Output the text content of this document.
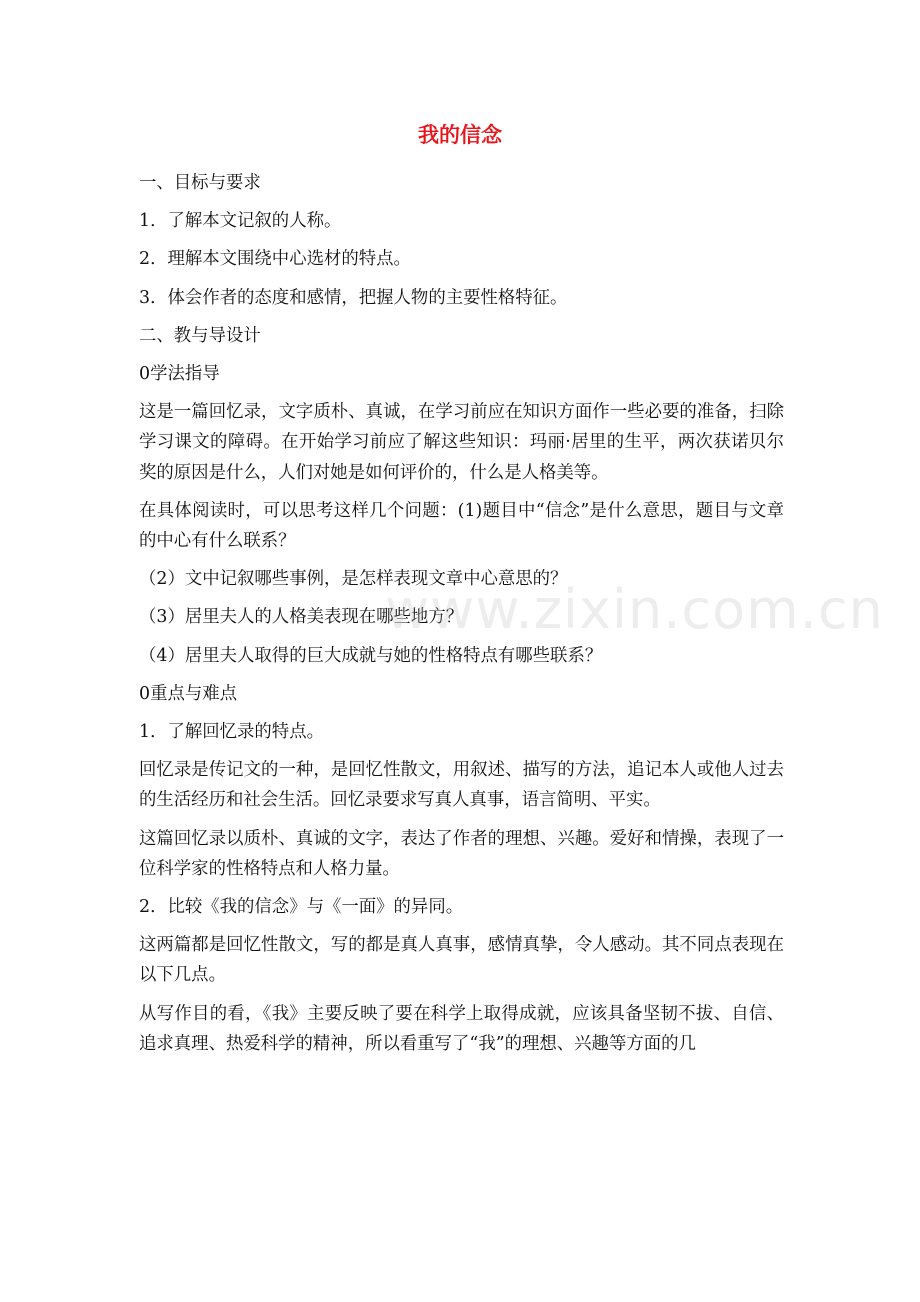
我的信念

一、目标与要求

1．了解本文记叙的人称。

2．理解本文围绕中心选材的特点。

3．体会作者的态度和感情，把握人物的主要性格特征。

二、教与导设计

0学法指导

这是一篇回忆录，文字质朴、真诚，在学习前应在知识方面作一些必要的准备，扫除学习课文的障碍。在开始学习前应了解这些知识：玛丽·居里的生平，两次获诺贝尔奖的原因是什么，人们对她是如何评价的，什么是人格美等。

在具体阅读时，可以思考这样几个问题：(1)题目中“信念”是什么意思，题目与文章的中心有什么联系？

（2）文中记叙哪些事例，是怎样表现文章中心意思的？

（3）居里夫人的人格美表现在哪些地方？

（4）居里夫人取得的巨大成就与她的性格特点有哪些联系？

0重点与难点

1．了解回忆录的特点。

回忆录是传记文的一种，是回忆性散文，用叙述、描写的方法，追记本人或他人过去的生活经历和社会生活。回忆录要求写真人真事，语言简明、平实。

这篇回忆录以质朴、真诚的文字，表达了作者的理想、兴趣。爱好和情操，表现了一位科学家的性格特点和人格力量。

2．比较《我的信念》与《一面》的异同。

这两篇都是回忆性散文，写的都是真人真事，感情真挚，令人感动。其不同点表现在以下几点。

从写作目的看，《我》主要反映了要在科学上取得成就，应该具备坚韧不拔、自信、追求真理、热爱科学的精神，所以看重写了“我”的理想、兴趣等方面的几

www.zixin.com.cn
